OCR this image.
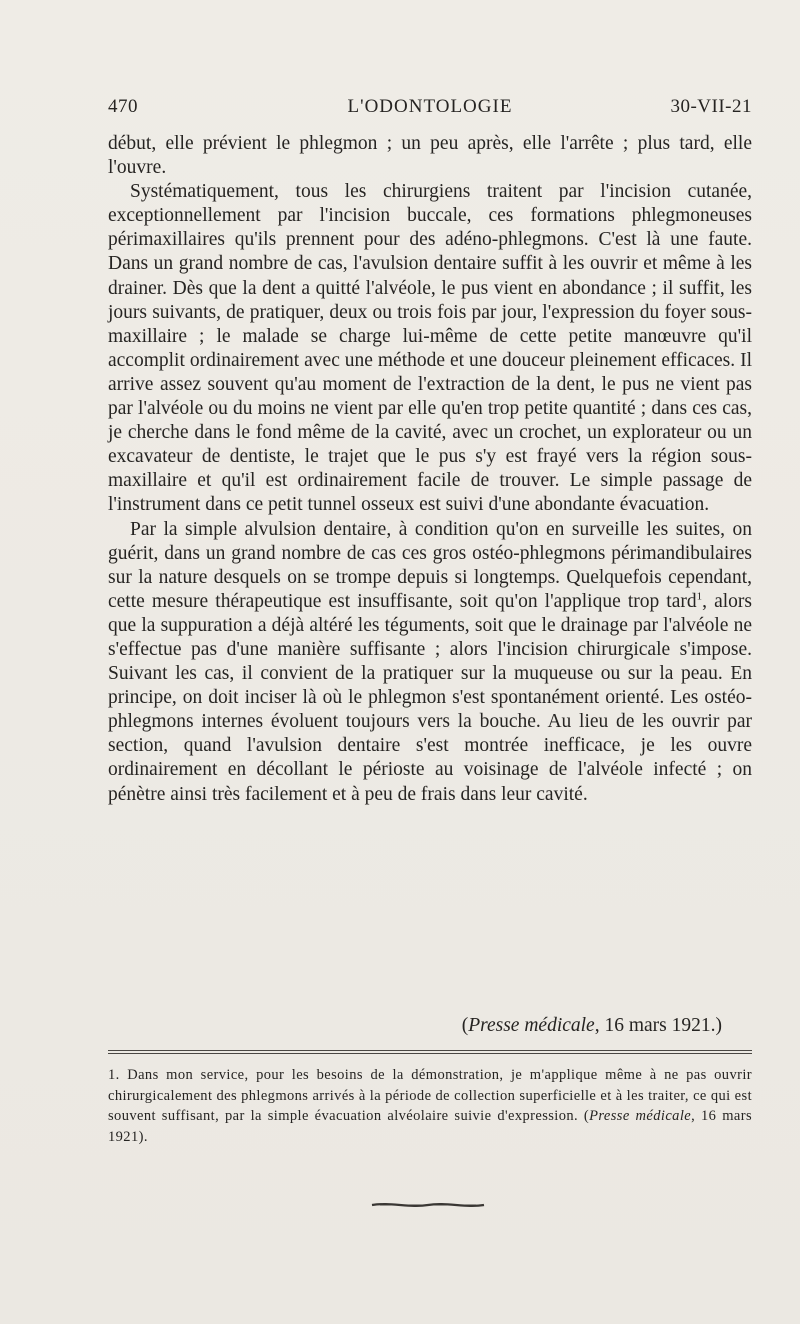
470	L'ODONTOLOGIE	30-VII-21

début, elle prévient le phlegmon ; un peu après, elle l'arrête ; plus tard, elle l'ouvre.

Systématiquement, tous les chirurgiens traitent par l'incision cutanée, exceptionnellement par l'incision buccale, ces formations phlegmoneuses périmaxillaires qu'ils prennent pour des adéno-phlegmons. C'est là une faute. Dans un grand nombre de cas, l'avulsion dentaire suffit à les ouvrir et même à les drainer. Dès que la dent a quitté l'alvéole, le pus vient en abondance ; il suffit, les jours suivants, de pratiquer, deux ou trois fois par jour, l'expression du foyer sous-maxillaire ; le malade se charge lui-même de cette petite manœuvre qu'il accomplit ordinairement avec une méthode et une douceur pleinement efficaces. Il arrive assez souvent qu'au moment de l'extraction de la dent, le pus ne vient pas par l'alvéole ou du moins ne vient par elle qu'en trop petite quantité ; dans ces cas, je cherche dans le fond même de la cavité, avec un crochet, un explorateur ou un excavateur de dentiste, le trajet que le pus s'y est frayé vers la région sous-maxillaire et qu'il est ordinairement facile de trouver. Le simple passage de l'instrument dans ce petit tunnel osseux est suivi d'une abondante évacuation.

Par la simple alvulsion dentaire, à condition qu'on en surveille les suites, on guérit, dans un grand nombre de cas ces gros ostéo-phlegmons périmandibulaires sur la nature desquels on se trompe depuis si longtemps. Quelquefois cependant, cette mesure thérapeutique est insuffisante, soit qu'on l'applique trop tard$^1$, alors que la suppuration a déjà altéré les téguments, soit que le drainage par l'alvéole ne s'effectue pas d'une manière suffisante ; alors l'incision chirurgicale s'impose. Suivant les cas, il convient de la pratiquer sur la muqueuse ou sur la peau. En principe, on doit inciser là où le phlegmon s'est spontanément orienté. Les ostéo-phlegmons internes évoluent toujours vers la bouche. Au lieu de les ouvrir par section, quand l'avulsion dentaire s'est montrée inefficace, je les ouvre ordinairement en décollant le périoste au voisinage de l'alvéole infecté ; on pénètre ainsi très facilement et à peu de frais dans leur cavité.

(Presse médicale, 16 mars 1921.)
1. Dans mon service, pour les besoins de la démonstration, je m'applique même à ne pas ouvrir chirurgicalement des phlegmons arrivés à la période de collection superficielle et à les traiter, ce qui est souvent suffisant, par la simple évacuation alvéolaire suivie d'expression. (Presse médicale, 16 mars 1921).
